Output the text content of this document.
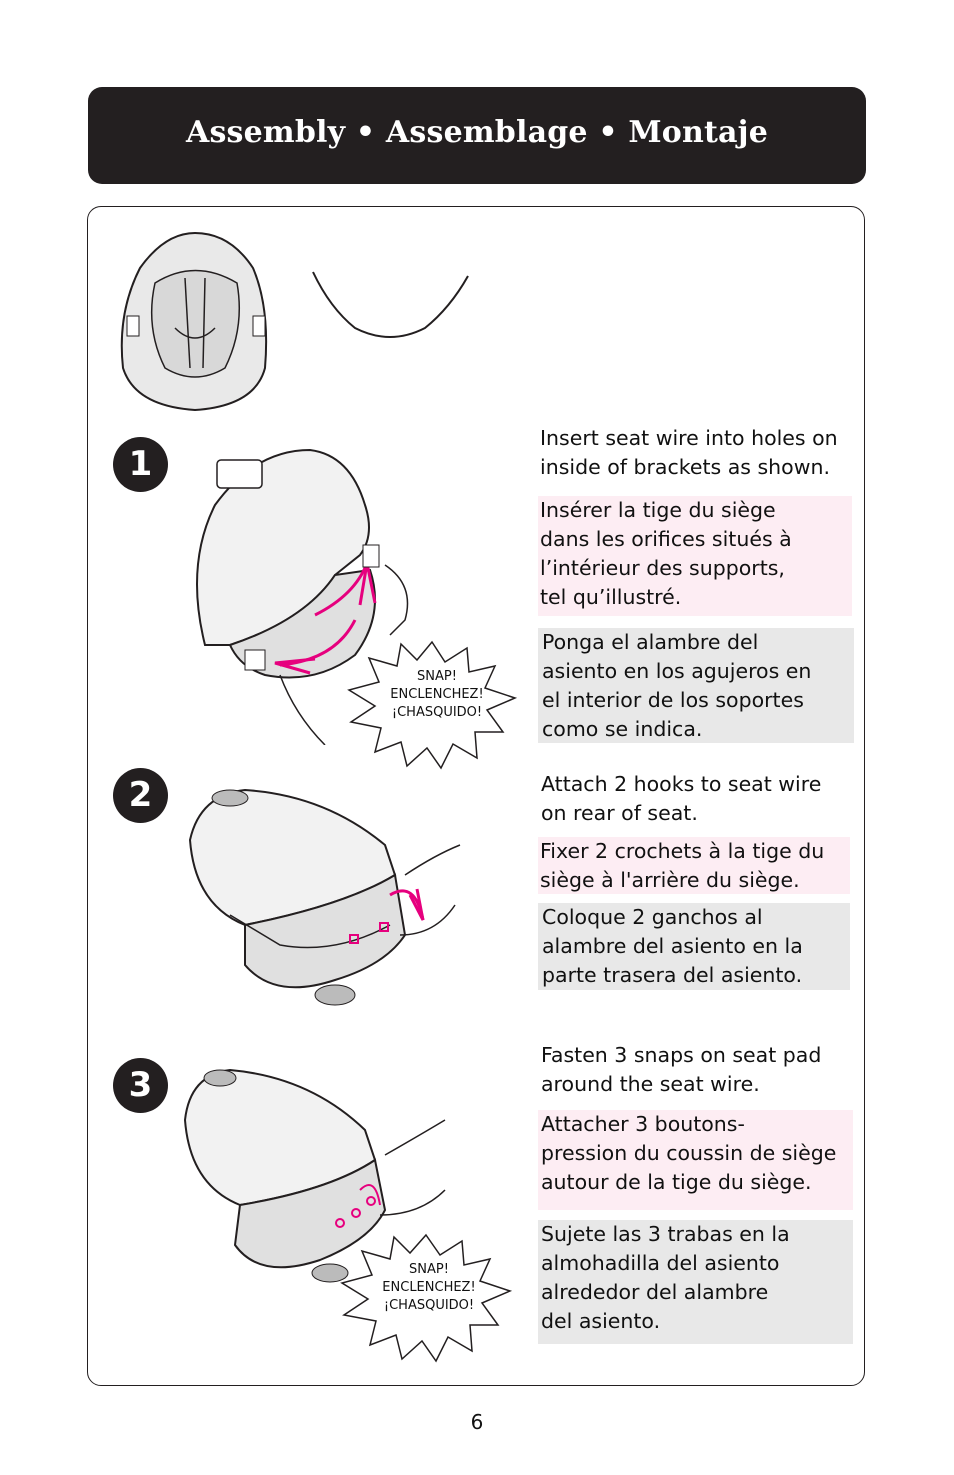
Assembly • Assemblage • Montaje
1
SNAP!
ENCLENCHEZ!
¡CHASQUIDO!
Insert seat wire into holes on
inside of brackets as shown.
Insérer la tige du siège
dans les orifices situés à
l’intérieur des supports,
tel qu’illustré.
Ponga el alambre del
asiento en los agujeros en
el interior de los soportes
como se indica.
2	Attach 2 hooks to seat wire
on rear of seat.
Fixer 2 crochets à la tige du
siège à l'arrière du siège.
Coloque 2 ganchos al
alambre del asiento en la
parte trasera del asiento.
3
SNAP!
ENCLENCHEZ!
¡CHASQUIDO!
Fasten 3 snaps on seat pad
around the seat wire.
Attacher 3 boutons-
pression du coussin de siège
autour de la tige du siège.
Sujete las 3 trabas en la
almohadilla del asiento
alrededor del alambre
del asiento.
6
